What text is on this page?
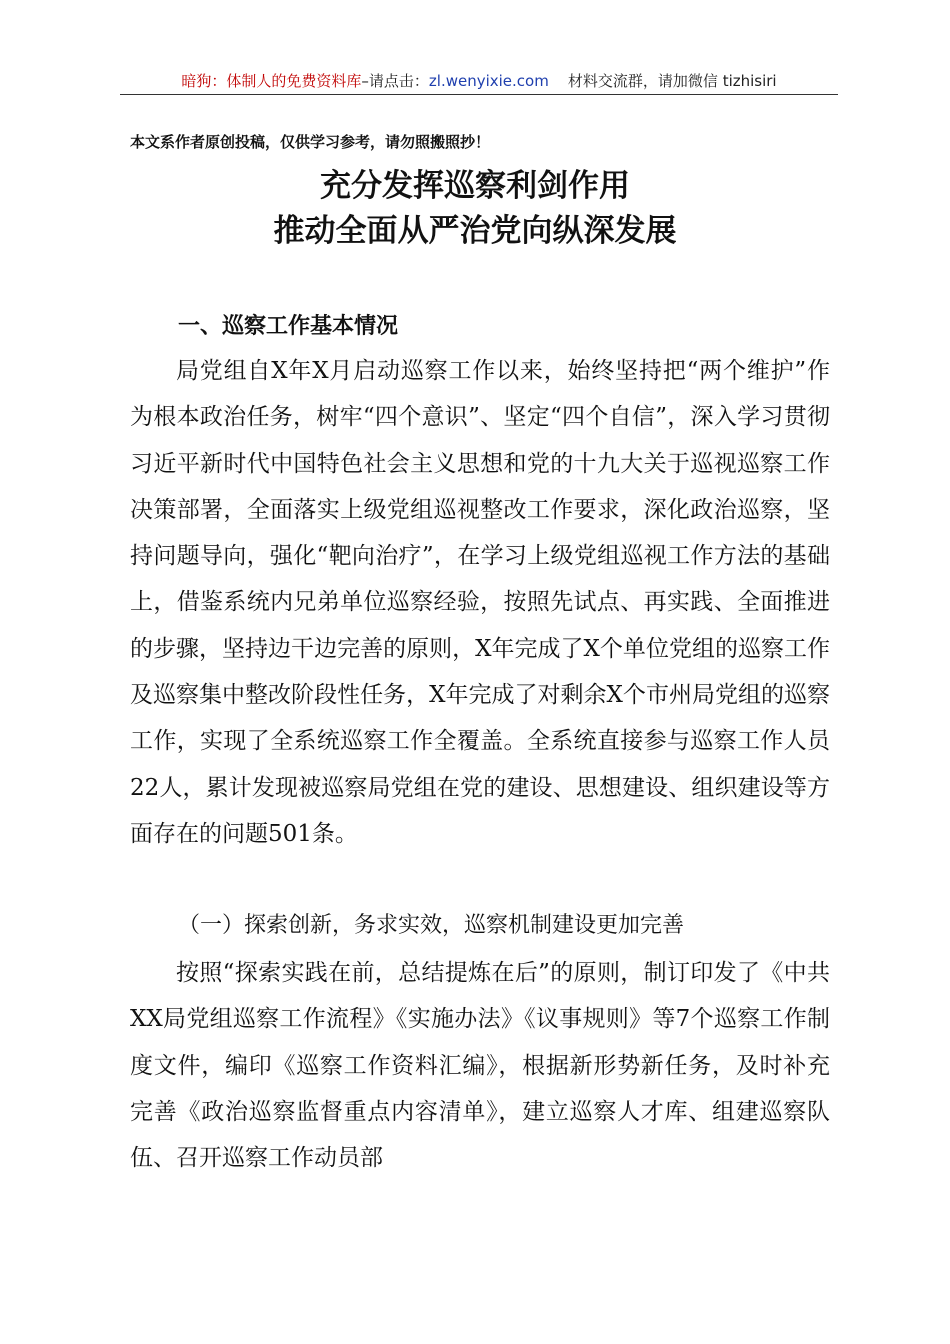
暗狗：体制人的免费资料库–请点击：zl.wenyixie.com 材料交流群，请加微信 tizhisiri
本文系作者原创投稿，仅供学习参考，请勿照搬照抄！
充分发挥巡察利剑作用
推动全面从严治党向纵深发展
一、巡察工作基本情况

局党组自X年X月启动巡察工作以来，始终坚持把“两个维护”作为根本政治任务，树牢“四个意识”、坚定“四个自信”，深入学习贯彻习近平新时代中国特色社会主义思想和党的十九大关于巡视巡察工作决策部署，全面落实上级党组巡视整改工作要求，深化政治巡察，坚持问题导向，强化“靶向治疗”，在学习上级党组巡视工作方法的基础上，借鉴系统内兄弟单位巡察经验，按照先试点、再实践、全面推进的步骤，坚持边干边完善的原则，X年完成了X个单位党组的巡察工作及巡察集中整改阶段性任务，X年完成了对剩余X个市州局党组的巡察工作，实现了全系统巡察工作全覆盖。全系统直接参与巡察工作人员22人，累计发现被巡察局党组在党的建设、思想建设、组织建设等方面存在的问题501条。

（一）探索创新，务求实效，巡察机制建设更加完善

按照“探索实践在前，总结提炼在后”的原则，制订印发了《中共XX局党组巡察工作流程》《实施办法》《议事规则》等7个巡察工作制度文件，编印《巡察工作资料汇编》，根据新形势新任务，及时补充完善《政治巡察监督重点内容清单》，建立巡察人才库、组建巡察队伍、召开巡察工作动员部
